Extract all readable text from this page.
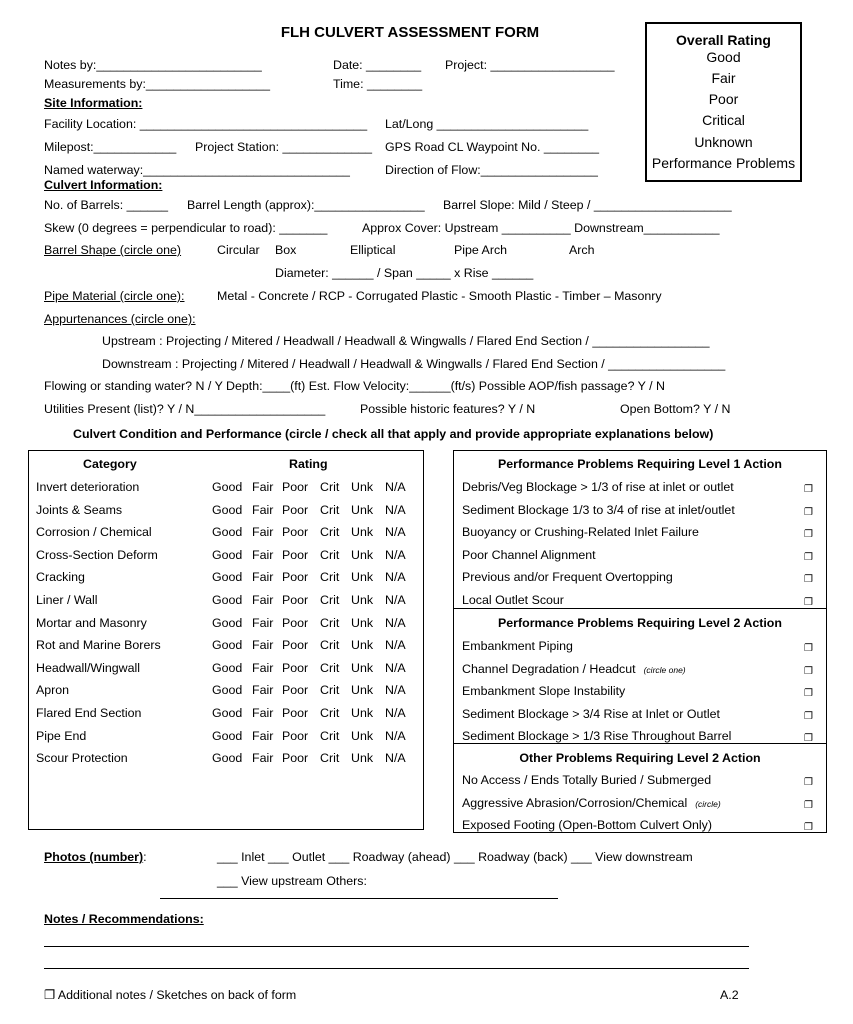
FLH CULVERT ASSESSMENT FORM	Overall Rating
Good
Fair
Poor
Critical
Unknown
Performance Problems
Notes by:________________________	Date: ________ Project: __________________
Measurements by:__________________	Time: ________
Site Information:
Facility Location: _________________________________ Lat/Long ______________________
Milepost:____________ Project Station: _____________ GPS Road CL Waypoint No. ________
Named waterway:______________________________	Direction of Flow:_________________
Culvert Information:
No. of Barrels: ______ Barrel Length (approx):________________ Barrel Slope: Mild / Steep / ____________________
Skew (0 degrees = perpendicular to road): _______	Approx Cover: Upstream __________ Downstream___________
Barrel Shape (circle one)	Circular Box	Elliptical	Pipe Arch	Arch
Diameter: ______ / Span _____ x Rise ______
Pipe Material (circle one):	Metal - Concrete / RCP - Corrugated Plastic - Smooth Plastic - Timber – Masonry
Appurtenances (circle one):
Upstream : Projecting / Mitered / Headwall / Headwall & Wingwalls / Flared End Section / _________________
Downstream : Projecting / Mitered / Headwall / Headwall & Wingwalls / Flared End Section / _________________
Flowing or standing water? N / Y Depth:____(ft) Est. Flow Velocity:______(ft/s) Possible AOP/fish passage? Y / N
Utilities Present (list)? Y / N___________________	Possible historic features? Y / N	Open Bottom? Y / N
Culvert Condition and Performance (circle / check all that apply and provide appropriate explanations below)
Category	Rating
Invert deterioration	Good Fair Poor Crit Unk N/A
Joints & Seams	Good Fair Poor Crit Unk N/A
Corrosion / Chemical	Good Fair Poor Crit Unk N/A
Cross-Section Deform	Good Fair Poor Crit Unk N/A
Cracking	Good Fair Poor Crit Unk N/A
Liner / Wall	Good Fair Poor Crit Unk N/A
Mortar and Masonry	Good Fair Poor Crit Unk N/A
Rot and Marine Borers	Good Fair Poor Crit Unk N/A
Headwall/Wingwall	Good Fair Poor Crit Unk N/A
Apron	Good Fair Poor Crit Unk N/A
Flared End Section	Good Fair Poor Crit Unk N/A
Pipe End	Good Fair Poor Crit Unk N/A
Scour Protection	Good Fair Poor Crit Unk N/A
Performance Problems Requiring Level 1 Action
Debris/Veg Blockage > 1/3 of rise at inlet or outlet	❐
Sediment Blockage 1/3 to 3/4 of rise at inlet/outlet	❐
Buoyancy or Crushing-Related Inlet Failure	❐
Poor Channel Alignment	❐
Previous and/or Frequent Overtopping	❐
Local Outlet Scour	❐
Performance Problems Requiring Level 2 Action
Embankment Piping	❐
Channel Degradation / Headcut (circle one)	❐
Embankment Slope Instability	❐
Sediment Blockage > 3/4 Rise at Inlet or Outlet	❐
Sediment Blockage > 1/3 Rise Throughout Barrel	❐
Other Problems Requiring Level 2 Action
No Access / Ends Totally Buried / Submerged	❐
Aggressive Abrasion/Corrosion/Chemical (circle)	❐
Exposed Footing (Open-Bottom Culvert Only)	❐
Photos (number):	___ Inlet ___ Outlet ___ Roadway (ahead) ___ Roadway (back) ___ View downstream
___ View upstream Others:
Notes / Recommendations:
❐ Additional notes / Sketches on back of form	A.2
